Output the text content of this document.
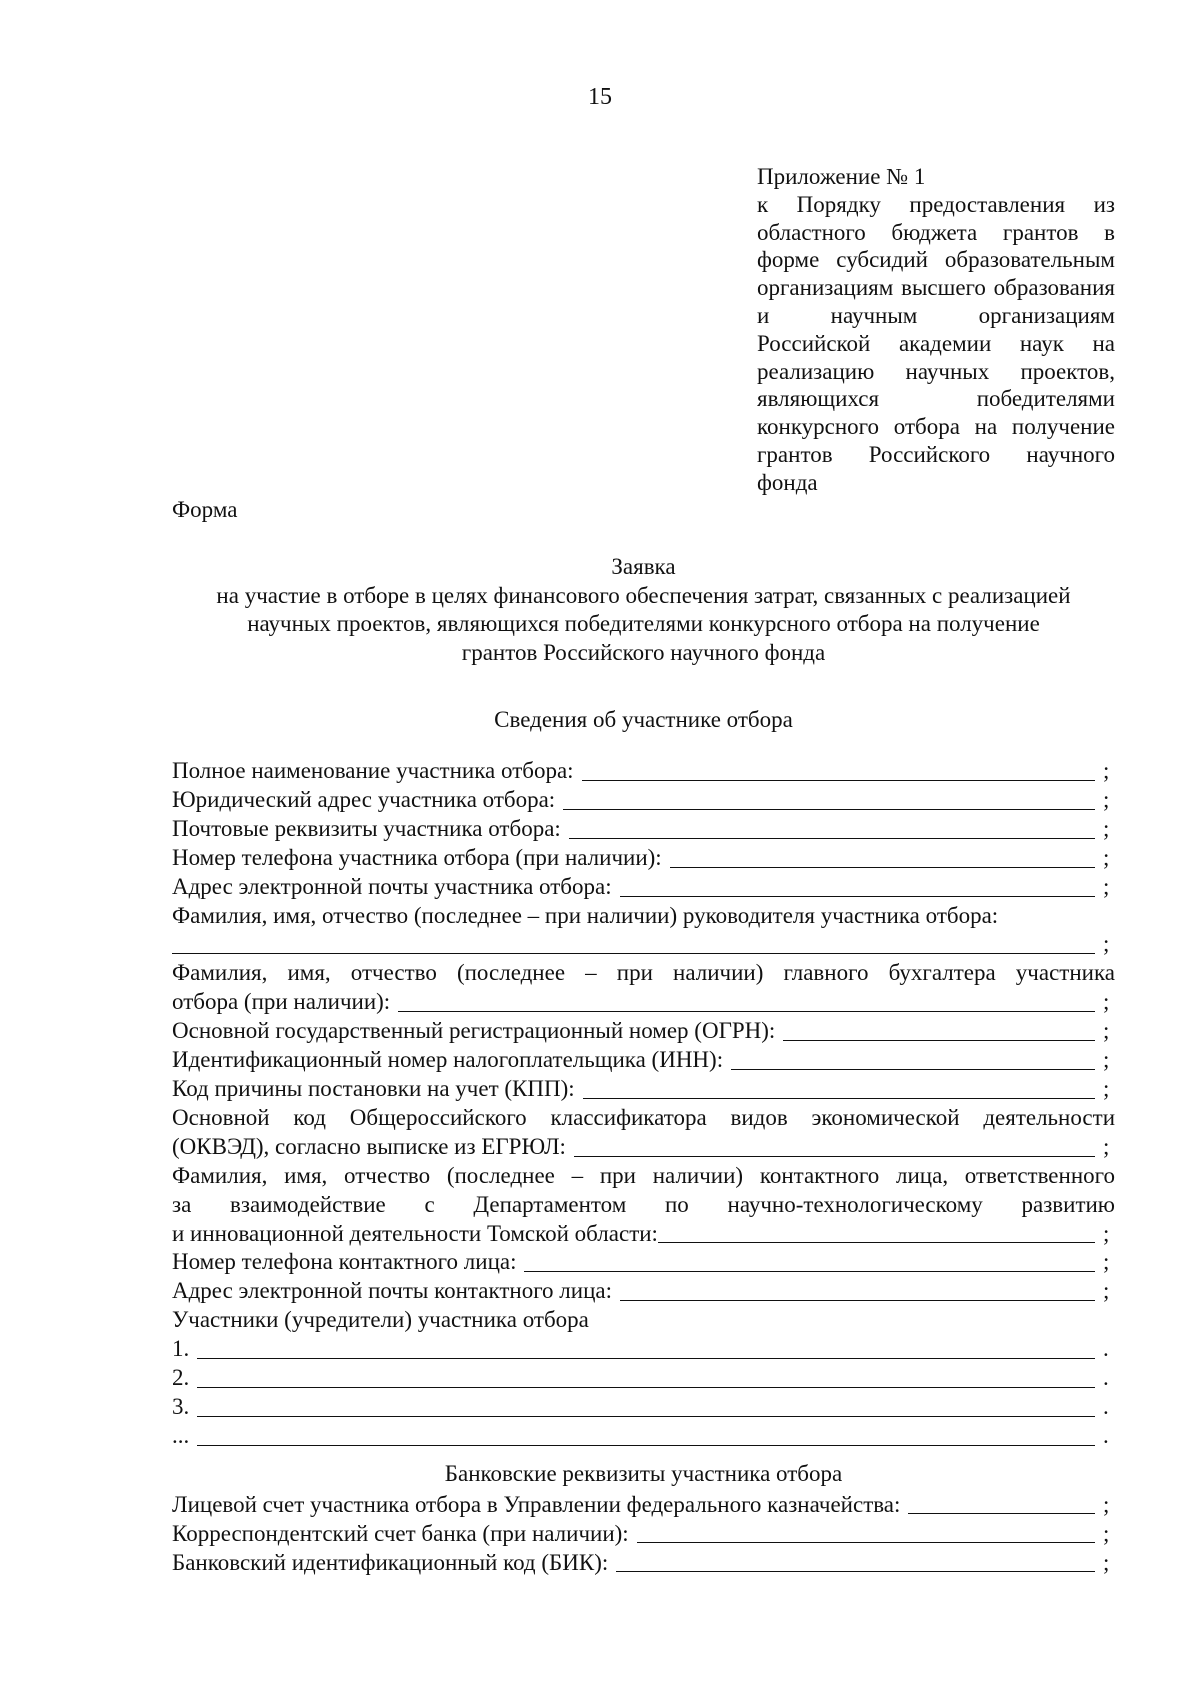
15
Приложение № 1
к Порядку предоставления из областного бюджета грантов в форме субсидий образовательным организациям высшего образования и научным организациям Российской академии наук на реализацию научных проектов, являющихся победителями конкурсного отбора на получение грантов Российского научного фонда
Форма
Заявка
на участие в отборе в целях финансового обеспечения затрат, связанных с реализацией
научных проектов, являющихся победителями конкурсного отбора на получение
грантов Российского научного фонда
Сведения об участнике отбора
Полное наименование участника отбора:	;
Юридический адрес участника отбора:	;
Почтовые реквизиты участника отбора:	;
Номер телефона участника отбора (при наличии):	;
Адрес электронной почты участника отбора:	;
Фамилия, имя, отчество (последнее – при наличии) руководителя участника отбора:
;
Фамилия, имя, отчество (последнее – при наличии) главного бухгалтера участника
отбора (при наличии):	;
Основной государственный регистрационный номер (ОГРН):	;
Идентификационный номер налогоплательщика (ИНН):	;
Код причины постановки на учет (КПП):	;
Основной код Общероссийского классификатора видов экономической деятельности
(ОКВЭД), согласно выписке из ЕГРЮЛ:	;
Фамилия, имя, отчество (последнее – при наличии) контактного лица, ответственного
за взаимодействие с Департаментом по научно-технологическому развитию
и инновационной деятельности Томской области:	;
Номер телефона контактного лица:	;
Адрес электронной почты контактного лица:	;
Участники (учредители) участника отбора
1.	.
2.	.
3.	.
...	.
Банковские реквизиты участника отбора
Лицевой счет участника отбора в Управлении федерального казначейства:	;
Корреспондентский счет банка (при наличии):	;
Банковский идентификационный код (БИК):	;
